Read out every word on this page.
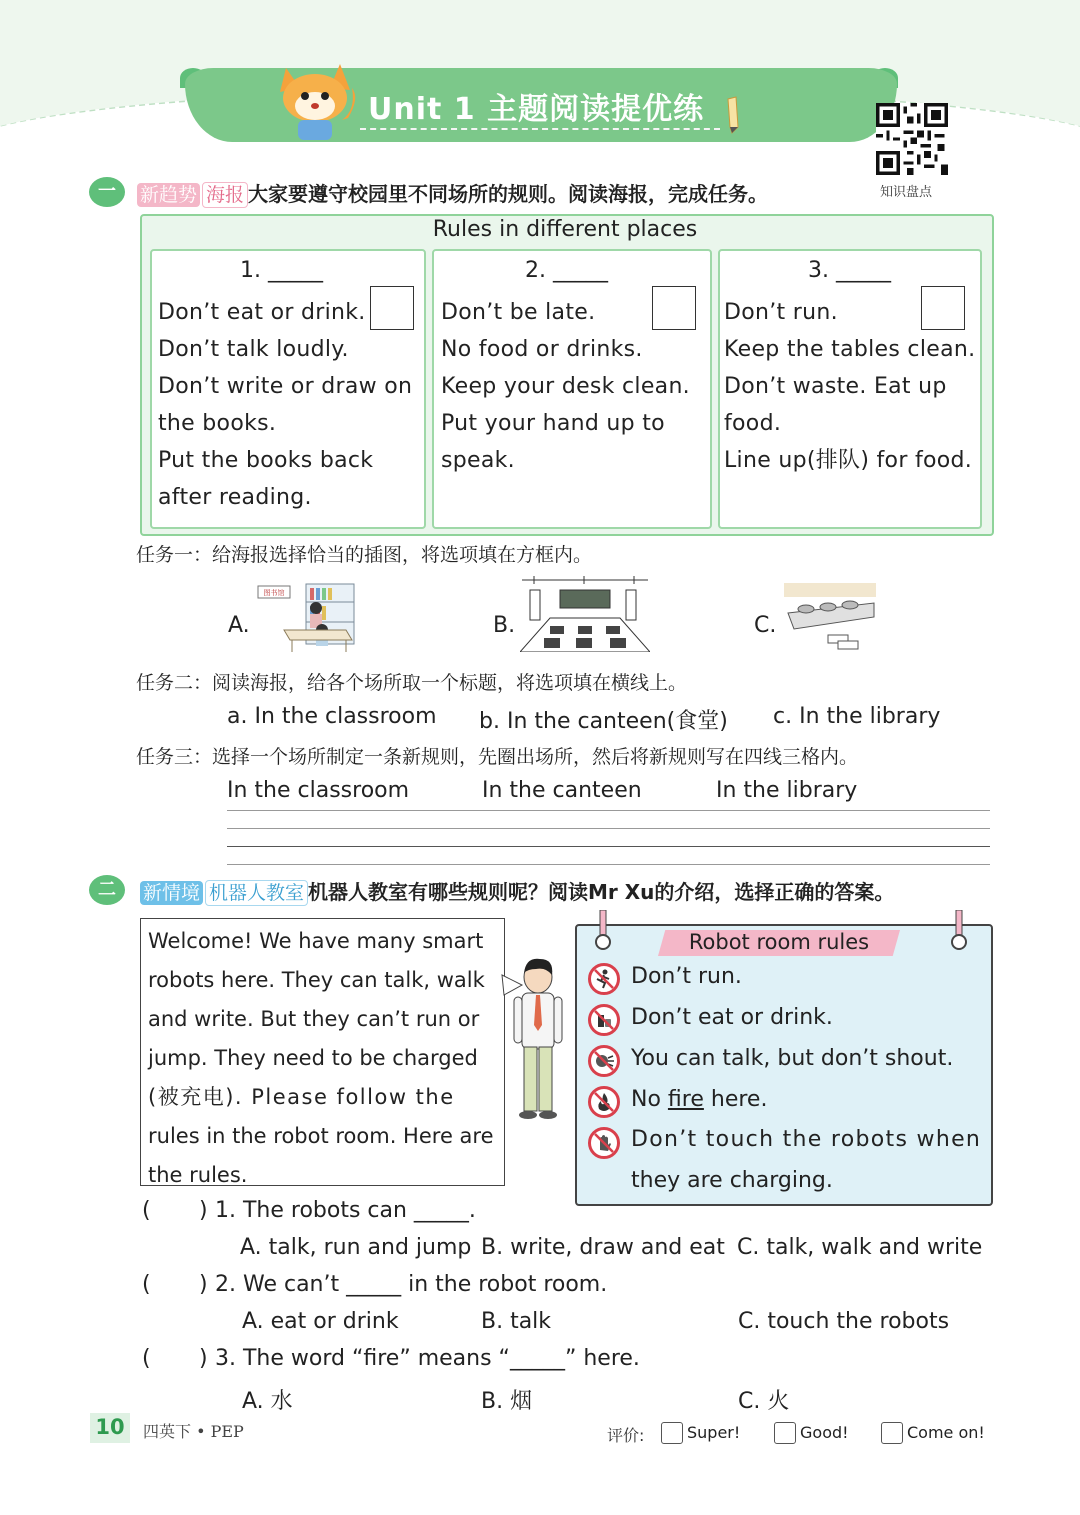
Unit 1 主题阅读提优练
知识盘点
一	新趋势 海报 大家要遵守校园里不同场所的规则。阅读海报，完成任务。
Rules in different places
1. _____
Don’t eat or drink.
Don’t talk loudly.
Don’t write or draw on
the books.
Put the books back
after reading.
2. _____
Don’t be late.
No food or drinks.
Keep your desk clean.
Put your hand up to
speak.
3. _____
Don’t run.
Keep the tables clean.
Don’t waste. Eat up
food.
Line up(排队) for food.
任务一：给海报选择恰当的插图，将选项填在方框内。
A.
图书馆
B.	C.
任务二：阅读海报，给各个场所取一个标题，将选项填在横线上。
a. In the classroom b. In the canteen(食堂) c. In the library
任务三：选择一个场所制定一条新规则，先圈出场所，然后将新规则写在四线三格内。
In the classroom	In the canteen	In the library
二	新情境 机器人教室 机器人教室有哪些规则呢？阅读Mr Xu的介绍，选择正确的答案。
Welcome! We have many smart
robots here. They can talk, walk
and write. But they can’t run or
jump. They need to be charged
(被充电). Please follow the
rules in the robot room. Here are
the rules.
Robot room rules
Don’t run.
Don’t eat or drink.
You can talk, but don’t shout.
No fire here.
Don’t touch the robots when
they are charging.
( ) 1. The robots can _____.
A. talk, run and jump B. write, draw and eat C. talk, walk and write
( ) 2. We can’t _____ in the robot room.
A. eat or drink	B. talk	C. touch the robots
( ) 3. The word “fire” means “_____” here.
A. 水	B. 烟	C. 火
10	四英下 • PEP	评价:	Super!	Good!	Come on!
